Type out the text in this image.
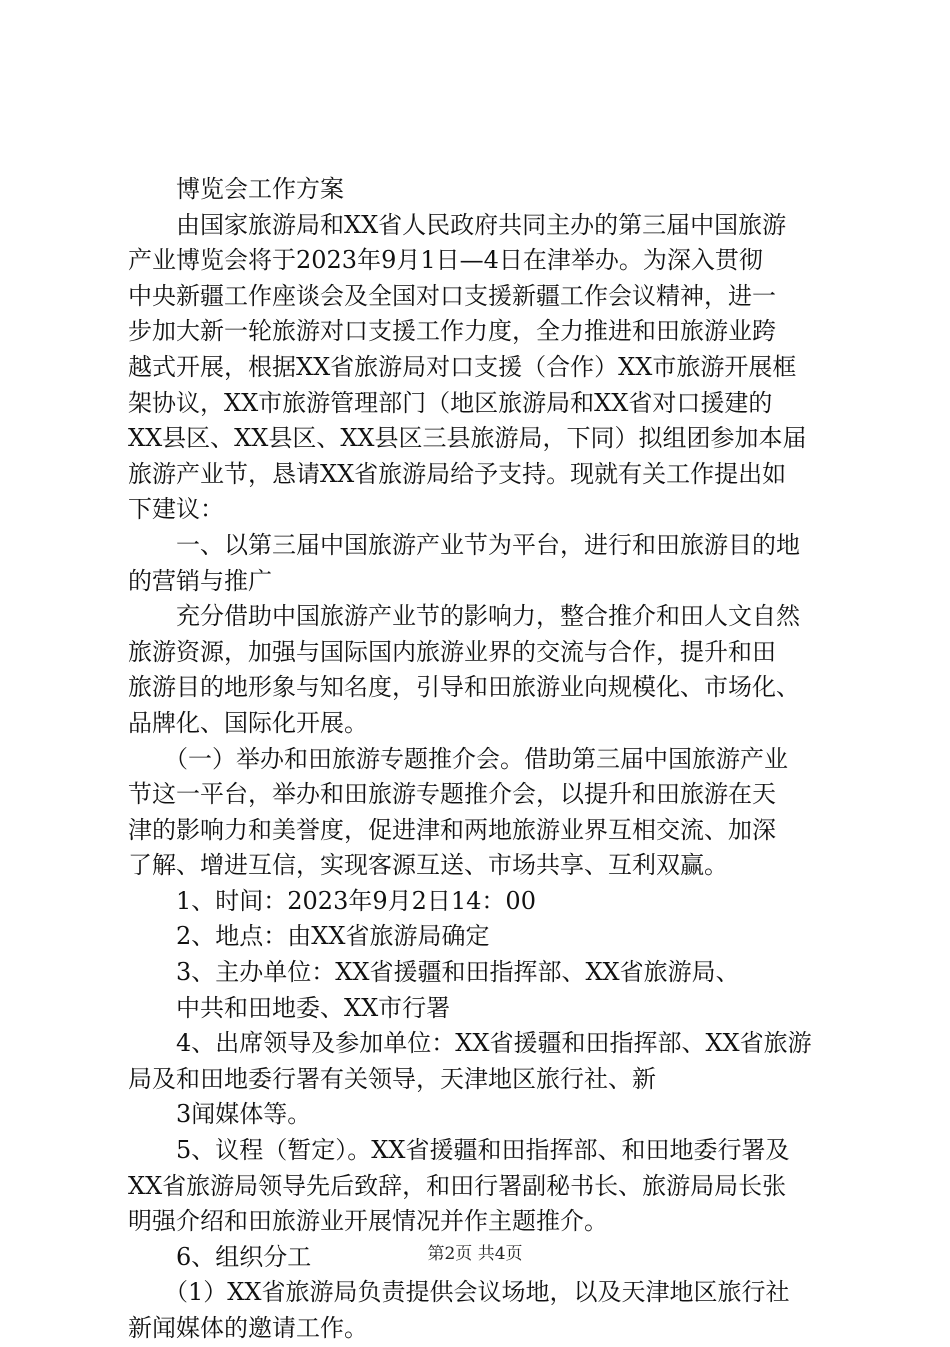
　　博览会工作方案

　　由国家旅游局和XX省人民政府共同主办的第三届中国旅游

产业博览会将于2023年9月1日—4日在津举办。为深入贯彻

中央新疆工作座谈会及全国对口支援新疆工作会议精神，进一

步加大新一轮旅游对口支援工作力度，全力推进和田旅游业跨

越式开展，根据XX省旅游局对口支援（合作）XX市旅游开展框

架协议，XX市旅游管理部门（地区旅游局和XX省对口援建的

XX县区、XX县区、XX县区三县旅游局，下同）拟组团参加本届

旅游产业节，恳请XX省旅游局给予支持。现就有关工作提出如

下建议：

　　一、以第三届中国旅游产业节为平台，进行和田旅游目的地

的营销与推广

　　充分借助中国旅游产业节的影响力，整合推介和田人文自然

旅游资源，加强与国际国内旅游业界的交流与合作，提升和田

旅游目的地形象与知名度，引导和田旅游业向规模化、市场化、

品牌化、国际化开展。

　　（一）举办和田旅游专题推介会。借助第三届中国旅游产业

节这一平台，举办和田旅游专题推介会，以提升和田旅游在天

津的影响力和美誉度，促进津和两地旅游业界互相交流、加深

了解、增进互信，实现客源互送、市场共享、互利双赢。

　　1、时间：2023年9月2日14：00

　　2、地点：由XX省旅游局确定

　　3、主办单位：XX省援疆和田指挥部、XX省旅游局、

　　中共和田地委、XX市行署

　　4、出席领导及参加单位：XX省援疆和田指挥部、XX省旅游

局及和田地委行署有关领导，天津地区旅行社、新

　　3闻媒体等。

　　5、议程（暂定）。XX省援疆和田指挥部、和田地委行署及

XX省旅游局领导先后致辞，和田行署副秘书长、旅游局局长张

明强介绍和田旅游业开展情况并作主题推介。

　　6、组织分工

　　（1）XX省旅游局负责提供会议场地，以及天津地区旅行社

新闻媒体的邀请工作。

第2页 共4页
